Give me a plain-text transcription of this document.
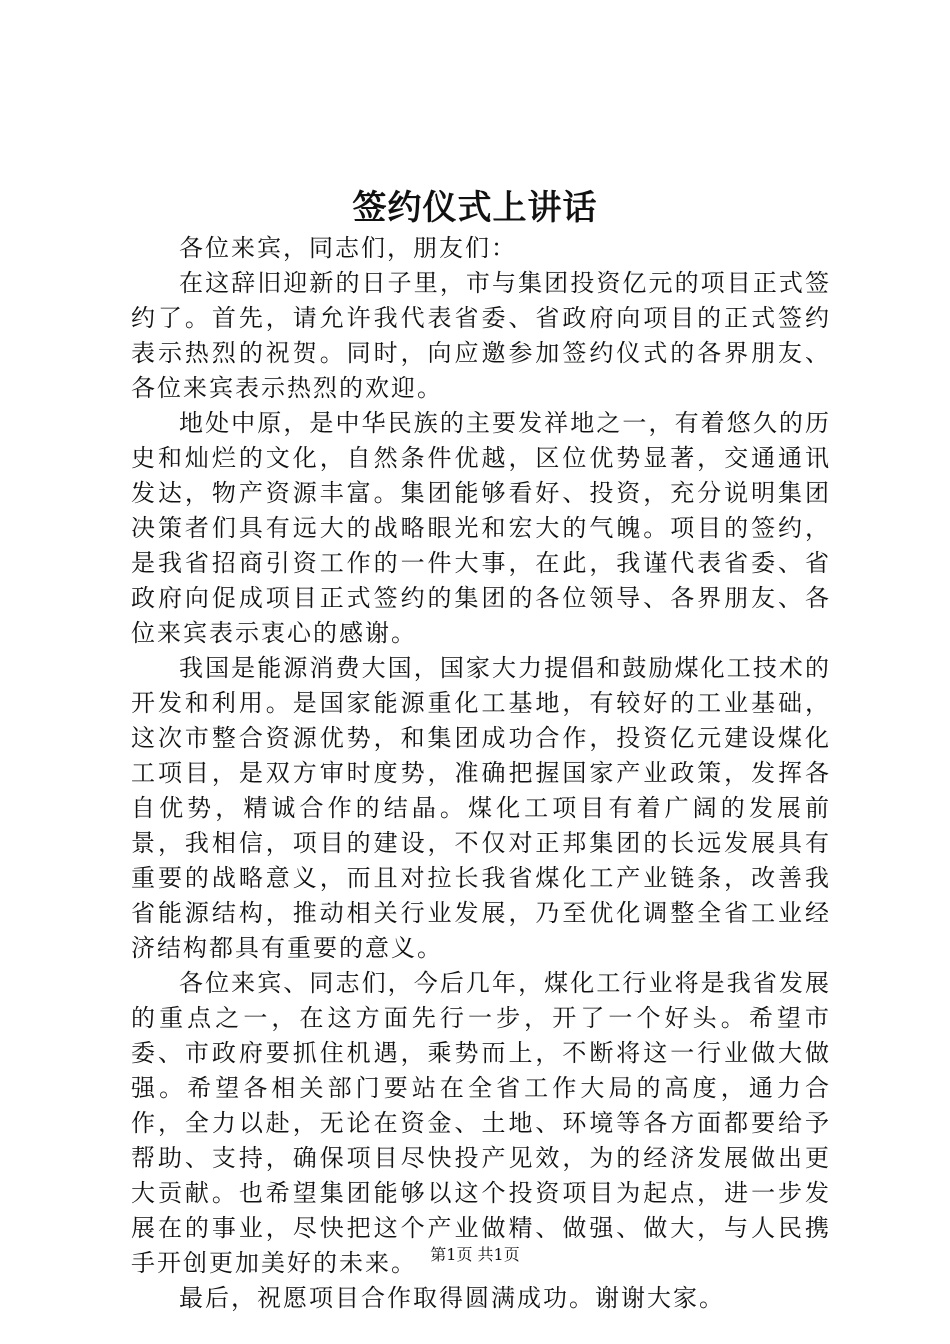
签约仪式上讲话

各位来宾，同志们，朋友们：

在这辞旧迎新的日子里，市与集团投资亿元的项目正式签约了。首先，请允许我代表省委、省政府向项目的正式签约表示热烈的祝贺。同时，向应邀参加签约仪式的各界朋友、各位来宾表示热烈的欢迎。

地处中原，是中华民族的主要发祥地之一，有着悠久的历史和灿烂的文化，自然条件优越，区位优势显著，交通通讯发达，物产资源丰富。集团能够看好、投资，充分说明集团决策者们具有远大的战略眼光和宏大的气魄。项目的签约，是我省招商引资工作的一件大事，在此，我谨代表省委、省政府向促成项目正式签约的集团的各位领导、各界朋友、各位来宾表示衷心的感谢。

我国是能源消费大国，国家大力提倡和鼓励煤化工技术的开发和利用。是国家能源重化工基地，有较好的工业基础，这次市整合资源优势，和集团成功合作，投资亿元建设煤化工项目，是双方审时度势，准确把握国家产业政策，发挥各自优势，精诚合作的结晶。煤化工项目有着广阔的发展前景，我相信，项目的建设，不仅对正邦集团的长远发展具有重要的战略意义，而且对拉长我省煤化工产业链条，改善我省能源结构，推动相关行业发展，乃至优化调整全省工业经济结构都具有重要的意义。

各位来宾、同志们，今后几年，煤化工行业将是我省发展的重点之一，在这方面先行一步，开了一个好头。希望市委、市政府要抓住机遇，乘势而上，不断将这一行业做大做强。希望各相关部门要站在全省工作大局的高度，通力合作，全力以赴，无论在资金、土地、环境等各方面都要给予帮助、支持，确保项目尽快投产见效，为的经济发展做出更大贡献。也希望集团能够以这个投资项目为起点，进一步发展在的事业，尽快把这个产业做精、做强、做大，与人民携手开创更加美好的未来。

最后，祝愿项目合作取得圆满成功。谢谢大家。

第1页 共1页
